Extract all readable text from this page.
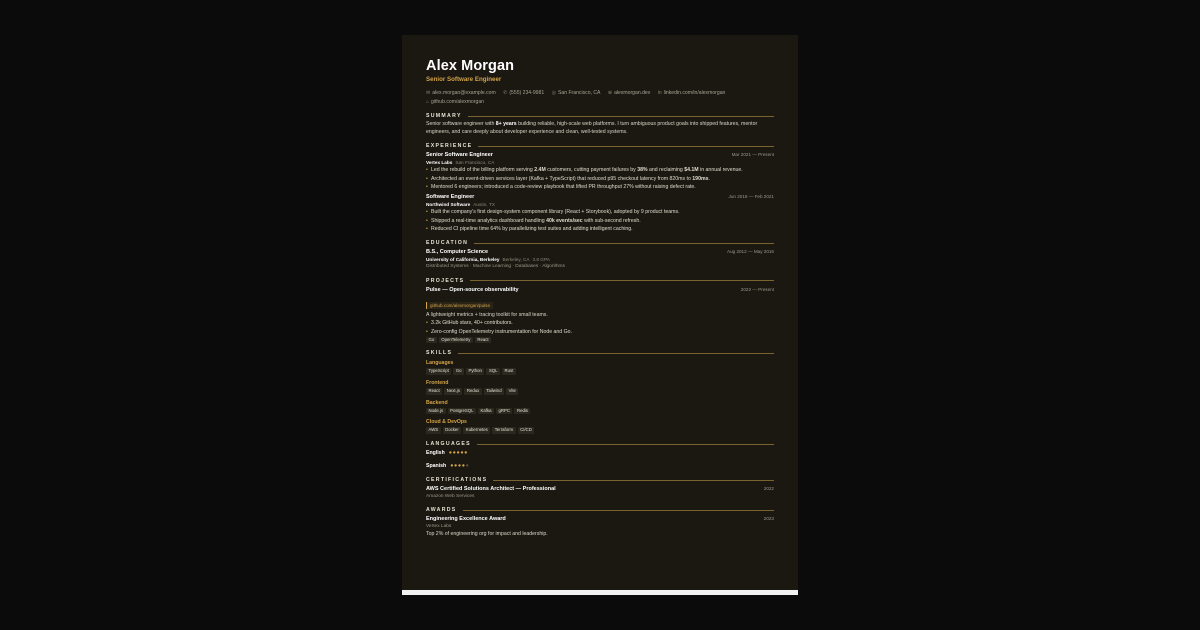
Alex Morgan
Senior Software Engineer
✉ alex.morgan@example.com ✆ (555) 234-9981 ◎ San Francisco, CA ⊕ alexmorgan.dev in linkedin.com/in/alexmorgan
⌂ github.com/alexmorgan
SUMMARY
Senior software engineer with 8+ years building reliable, high-scale web platforms. I turn ambiguous product goals into shipped features, mentor engineers, and care deeply about developer experience and clean, well-tested systems.
EXPERIENCE
Senior Software Engineer	Mar 2021 — Present
Vertex Labs San Francisco, CA
• Led the rebuild of the billing platform serving 2.4M customers, cutting payment failures by 38% and reclaiming $4.1M in annual revenue.
• Architected an event-driven services layer (Kafka + TypeScript) that reduced p95 checkout latency from 820ms to 190ms.
• Mentored 6 engineers; introduced a code-review playbook that lifted PR throughput 27% without raising defect rate.
Software Engineer	Jun 2018 — Feb 2021
Northwind Software Austin, TX
• Built the company's first design-system component library (React + Storybook), adopted by 9 product teams.
• Shipped a real-time analytics dashboard handling 40k events/sec with sub-second refresh.
• Reduced CI pipeline time 64% by parallelizing test suites and adding intelligent caching.
EDUCATION
B.S., Computer Science	Aug 2012 — May 2016
University of California, Berkeley Berkeley, CA 3.8 GPA
Distributed Systems · Machine Learning · Databases · Algorithms
PROJECTS
Pulse — Open-source observability	2022 — Present
github.com/alexmorgan/pulse
A lightweight metrics + tracing toolkit for small teams.
• 3.2k GitHub stars, 40+ contributors.
• Zero-config OpenTelemetry instrumentation for Node and Go.
Go	OpenTelemetry	React
SKILLS
Languages
TypeScript	Go	Python	SQL	Rust
Frontend
React	Next.js	Redux	Tailwind	Vite
Backend
Node.js	PostgreSQL	Kafka	gRPC	Redis
Cloud & DevOps
AWS	Docker	Kubernetes	Terraform	CI/CD
LANGUAGES
English ●●●●●
Spanish ●●●●●
CERTIFICATIONS
AWS Certified Solutions Architect — Professional	2022
Amazon Web Services
AWARDS
Engineering Excellence Award	2023
Vertex Labs
Top 2% of engineering org for impact and leadership.
